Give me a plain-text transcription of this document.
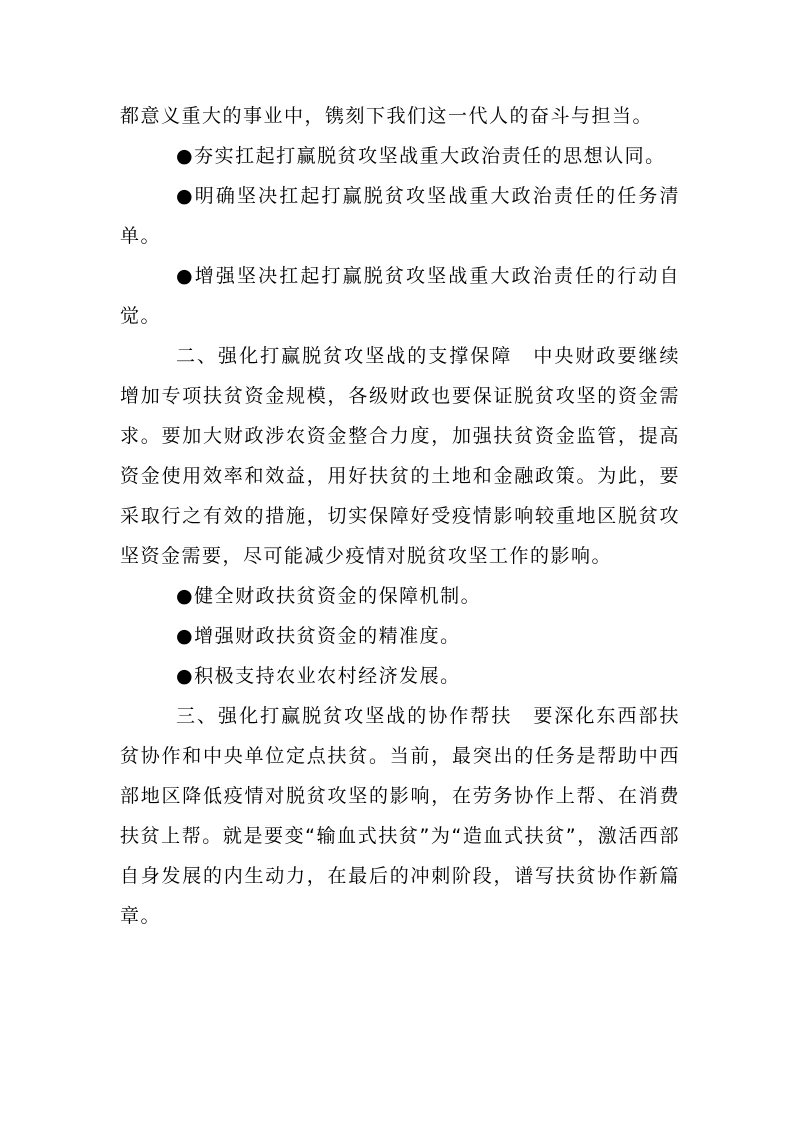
都意义重大的事业中，镌刻下我们这一代人的奋斗与担当。

●夯实扛起打赢脱贫攻坚战重大政治责任的思想认同。

●明确坚决扛起打赢脱贫攻坚战重大政治责任的任务清单。

●增强坚决扛起打赢脱贫攻坚战重大政治责任的行动自觉。

二、强化打赢脱贫攻坚战的支撑保障　中央财政要继续增加专项扶贫资金规模，各级财政也要保证脱贫攻坚的资金需求。要加大财政涉农资金整合力度，加强扶贫资金监管，提高资金使用效率和效益，用好扶贫的土地和金融政策。为此，要采取行之有效的措施，切实保障好受疫情影响较重地区脱贫攻坚资金需要，尽可能减少疫情对脱贫攻坚工作的影响。

●健全财政扶贫资金的保障机制。

●增强财政扶贫资金的精准度。

●积极支持农业农村经济发展。

三、强化打赢脱贫攻坚战的协作帮扶　要深化东西部扶贫协作和中央单位定点扶贫。当前，最突出的任务是帮助中西部地区降低疫情对脱贫攻坚的影响，在劳务协作上帮、在消费扶贫上帮。就是要变“输血式扶贫”为“造血式扶贫”，激活西部自身发展的内生动力，在最后的冲刺阶段，谱写扶贫协作新篇章。
